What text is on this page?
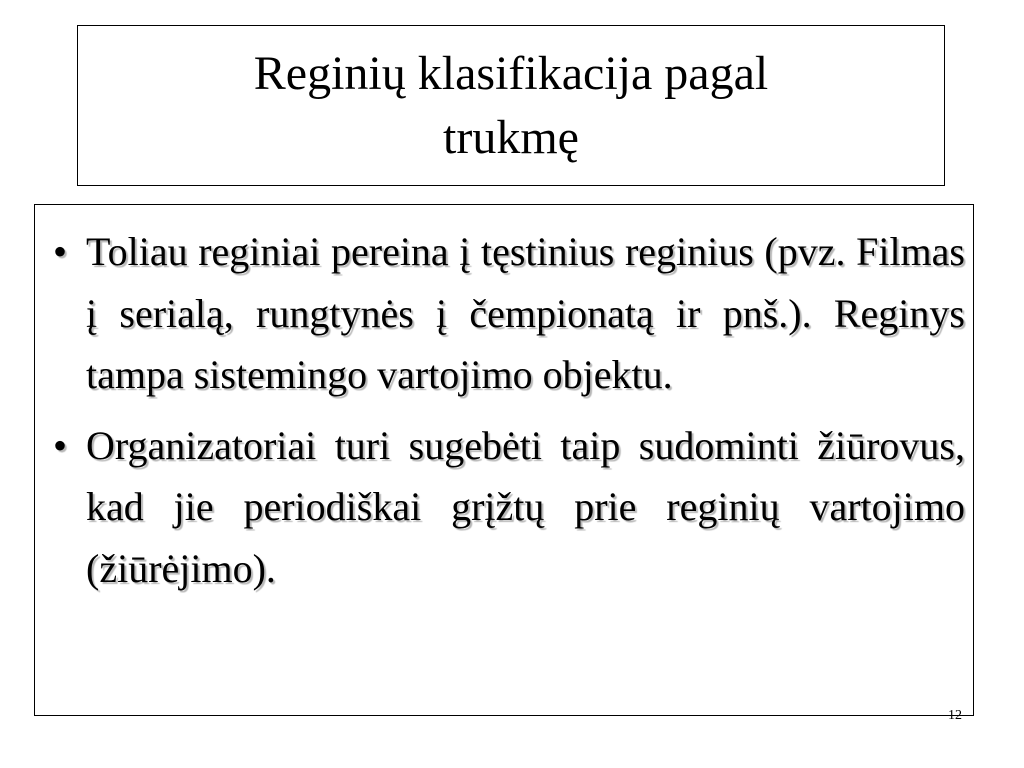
Reginių klasifikacija pagal trukmę
• Toliau reginiai pereina į tęstinius reginius (pvz. Filmas į serialą, rungtynės į čempionatą ir pnš.). Reginys tampa sistemingo vartojimo objektu.
• Organizatoriai turi sugebėti taip sudominti žiūrovus, kad jie periodiškai grįžtų prie reginių vartojimo (žiūrėjimo).
12
